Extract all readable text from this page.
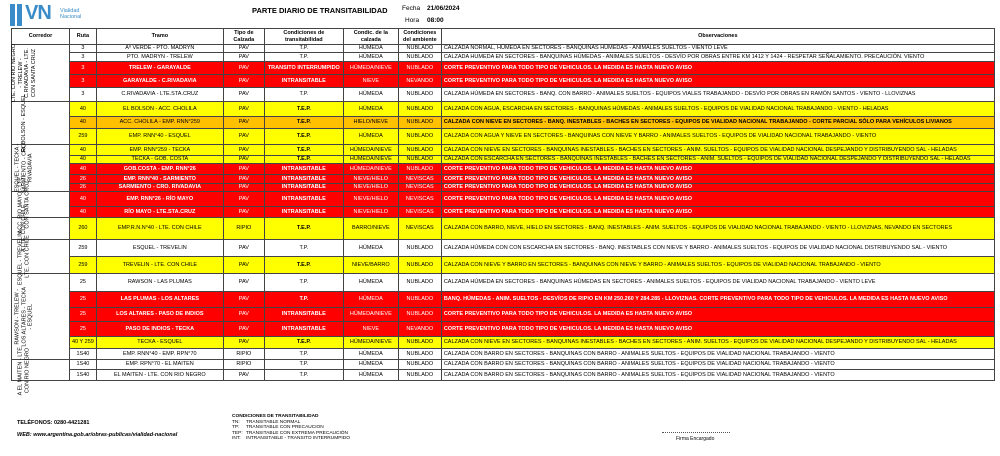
VN Vialidad Nacional
PARTE DIARIO DE TRANSITABILIDAD Fecha 21/06/2024
Hora 08:00
Corredor	Ruta	Tramo	Tipo de Calzada	Condiciones de transitabilidad	Condic. de la calzada	Condiciones del ambiente	Observaciones

LTE. CON RIO NEGRO - TRELEW - C.RIVADAVIA - LTE. CON SANTA CRUZ	3	Aº VERDE - PTO. MADRYN	PAV	T.P.	HÚMEDA	NUBLADO	CALZADA NORMAL, HÚMEDA EN SECTORES - BANQUINAS HÚMEDAS - ANIMALES SUELTOS - VIENTO LEVE
	3	PTO. MADRYN - TRELEW	PAV	T.P.	HÚMEDA	NUBLADO	CALZADA HUMEDA EN SECTORES - BANQUINAS HÚMEDAS - ANIMALES SUELTOS - DESVÍO POR OBRAS ENTRE KM 1412 Y 1424 - RESPETAR SEÑALAMIENTO. PRECAUCIÓN. VIENTO
	3	TRELEW - GARAYALDE	PAV	TRANSITO INTERRUMPIDO	HÚMEDA/NIEVE	NUBLADO	CORTE PREVENTIVO PARA TODO TIPO DE VEHICULOS. LA MEDIDA ES HASTA NUEVO AVISO
	3	GARAYALDE - C.RIVADAVIA	PAV	INTRANSITABLE	NIEVE	NEVANDO	CORTE PREVENTIVO PARA TODO TIPO DE VEHICULOS. LA MEDIDA ES HASTA NUEVO AVISO
	3	C.RIVADAVIA - LTE.STA.CRUZ	PAV	T.P.	HÚMEDA	NUBLADO	CALZADA HÚMEDA EN SECTORES - BANQ. CON BARRO - ANIMALES SUELTOS - EQUIPOS VIALES TRABAJANDO - DESVÍO POR OBRAS EN RAMÓN SANTOS - VIENTO - LLOVIZNAS

EL BOLSON - ESQUEL	40	EL BOLSON - ACC. CHOLILA	PAV	T.E.P.	HÚMEDA	NUBLADO	CALZADA CON AGUA, ESCARCHA EN SECTORES - BANQUINAS HÚMEDAS - ANIMALES SUELTOS - EQUIPOS DE VIALIDAD NACIONAL TRABAJANDO - VIENTO - HELADAS
	40	ACC. CHOLILA - EMP. RNN°259	PAV	T.E.P.	HIELO/NIEVE	NUBLADO	CALZADA CON NIEVE EN SECTORES - BANQ. INESTABLES - BACHES EN SECTORES - EQUIPOS DE VIALIDAD NACIONAL TRABAJANDO - CORTE PARCIAL SÓLO PARA VEHÍCULOS LIVIANOS
	259	EMP. RNN°40 - ESQUEL	PAV	T.E.P.	HÚMEDA	NUBLADO	CALZADA CON AGUA Y NIEVE EN SECTORES - BANQUINAS CON NIEVE Y BARRO - ANIMALES SUELTOS - EQUIPOS DE VIALIDAD NACIONAL TRABAJANDO - VIENTO

ESQUEL - TECKA - SARMIENTO - CRO. RIVADAVIA	40	EMP. RNN°259 - TECKA	PAV	T.E.P.	HÚMEDA/NIEVE	NUBLADO	CALZADA CON NIEVE EN SECTORES - BANQUINAS INESTABLES - BACHES EN SECTORES - ANIM. SUELTOS - EQUIPOS DE VIALIDAD NACIONAL DESPEJANDO Y DISTRIBUYENDO SAL - HELADAS
	40	TECKA - GOB. COSTA	PAV	T.E.P.	HÚMEDA/NIEVE	NUBLADO	CALZADA CON ESCARCHA EN SECTORES - BANQUINAS INESTABLES - BACHES EN SECTORES - ANIM. SUELTOS - EQUIPOS DE VIALIDAD NACIONAL DESPEJANDO Y DISTRIBUYENDO SAL - HELADAS
	40	GOB.COSTA - EMP. RNN°26	PAV	INTRANSITABLE	HÚMEDA/NIEVE	NUBLADO	CORTE PREVENTIVO PARA TODO TIPO DE VEHICULOS. LA MEDIDA ES HASTA NUEVO AVISO
	26	EMP. RNN°40 - SARMIENTO	PAV	INTRANSITABLE	NIEVE/HIELO	NEVISCAS	CORTE PREVENTIVO PARA TODO TIPO DE VEHICULOS. LA MEDIDA ES HASTA NUEVO AVISO
	26	SARMIENTO - CRO. RIVADAVIA	PAV	INTRANSITABLE	NIEVE/HIELO	NEVISCAS	CORTE PREVENTIVO PARA TODO TIPO DE VEHICULOS. LA MEDIDA ES HASTA NUEVO AVISO

ACC. RIO MAYO - LTE. CON SANTA CRUZ	40	EMP. RNN°26 - RÍO MAYO	PAV	INTRANSITABLE	NIEVE/HIELO	NEVISCAS	CORTE PREVENTIVO PARA TODO TIPO DE VEHICULOS. LA MEDIDA ES HASTA NUEVO AVISO
	40	RÍO MAYO - LTE.STA.CRUZ	PAV	INTRANSITABLE	NIEVE/HIELO	NEVISCAS	CORTE PREVENTIVO PARA TODO TIPO DE VEHICULOS. LA MEDIDA ES HASTA NUEVO AVISO

A LTE. CON CHILE	260	EMP.R.N.N°40 - LTE. CON CHILE	RIPIO	T.E.P.	BARRO/NIEVE	NEVISCAS	CALZADA CON BARRO, NIEVE, HIELO EN SECTORES - BANQ. INESTABLES - ANIM. SUELTOS - EQUIPOS DE VIALIDAD NACIONAL TRABAJANDO - VIENTO - LLOVIZNAS, NEVANDO EN SECTORES

ESQUEL - TREVELIN - LTE. CON CHILE	259	ESQUEL - TREVELIN	PAV	T.P.	HÚMEDA	NUBLADO	CALZADA HÚMEDA CON CON ESCARCHA EN SECTORES - BANQ. INESTABLES CON NIEVE Y BARRO - ANIMALES SUELTOS - EQUIPOS DE VIALIDAD NACIONAL DISTRIBUYENDO SAL - VIENTO
	259	TREVELIN - LTE. CON CHILE	PAV	T.E.P.	NIEVE/BARRO	NUBLADO	CALZADA CON NIEVE Y BARRO EN SECTORES - BANQUINAS CON NIEVE Y BARRO - ANIMALES SUELTOS - EQUIPOS DE VIALIDAD NACIONAL TRABAJANDO - VIENTO

RAWSON - TRELEW - LOS ALTARES - TECKA - ESQUEL	25	RAWSON - LAS PLUMAS	PAV	T.P.	HÚMEDA	NUBLADO	CALZADA HÚMEDA EN SECTORES - BANQUINAS HÚMEDAS EN SECTORES - ANIMALES SUELTOS - EQUIPOS DE VIALIDAD NACIONAL TRABAJANDO - VIENTO LEVE
	25	LAS PLUMAS - LOS ALTARES	PAV	T.P.	HÚMEDA	NUBLADO	BANQ. HÚMEDAS - ANIM. SUELTOS - DESVÍOS DE RIPIO EN KM 250.260 Y 284.285 - LLOVIZNAS. CORTE PREVENTIVO PARA TODO TIPO DE VEHICULOS. LA MEDIDA ES HASTA NUEVO AVISO
	25	LOS ALTARES - PASO DE INDIOS	PAV	INTRANSITABLE	HÚMEDA/NIEVE	NUBLADO	CORTE PREVENTIVO PARA TODO TIPO DE VEHICULOS. LA MEDIDA ES HASTA NUEVO AVISO
	25	PASO DE INDIOS - TECKA	PAV	INTRANSITABLE	NIEVE	NEVANDO	CORTE PREVENTIVO PARA TODO TIPO DE VEHICULOS. LA MEDIDA ES HASTA NUEVO AVISO
	40 Y 259	TECKA - ESQUEL	PAV	T.E.P.	HÚMEDA/NIEVE	NUBLADO	CALZADA CON NIEVE EN SECTORES - BANQUINAS INESTABLES - BACHES EN SECTORES - ANIM. SUELTOS - EQUIPOS DE VIALIDAD NACIONAL DESPEJANDO Y DISTRIBUYENDO SAL - HELADAS
	1S40	EMP. RNN°40 - EMP. RPN°70	RIPIO	T.P.	HÚMEDA	NUBLADO	CALZADA CON BARRO EN SECTORES - BANQUINAS CON BARRO - ANIMALES SUELTOS - EQUIPOS DE VIALIDAD NACIONAL TRABAJANDO - VIENTO

A EL MAITEN - LTE. CON RIO NEGRO	1S40	EMP. RPN°70 - EL MAITEN	RIPIO	T.P.	HÚMEDA	NUBLADO	CALZADA CON BARRO EN SECTORES - BANQUINAS CON BARRO - ANIMALES SUELTOS - EQUIPOS DE VIALIDAD NACIONAL TRABAJANDO - VIENTO
	1S40	EL MAITEN - LTE. CON RIO NEGRO	PAV	T.P.	HÚMEDA	NUBLADO	CALZADA CON BARRO EN SECTORES - BANQUINAS CON BARRO - ANIMALES SUELTOS - EQUIPOS DE VIALIDAD NACIONAL TRABAJANDO - VIENTO
TELÉFONOS: 0280-4421281
WEB: www.argentina.gob.ar/obras-publicas/vialidad-nacional
CONDICIONES DE TRANSITABILIDAD
TN: TRANSITABLE NORMAL
TP: TRANSITABLE CON PRECAUCION
TEP: TRANSITABLE CON EXTREMA PRECAUCIÓN
INT: INTRANSITABLE - TRANSITO INTERRUMPIDO	Firma Encargado
